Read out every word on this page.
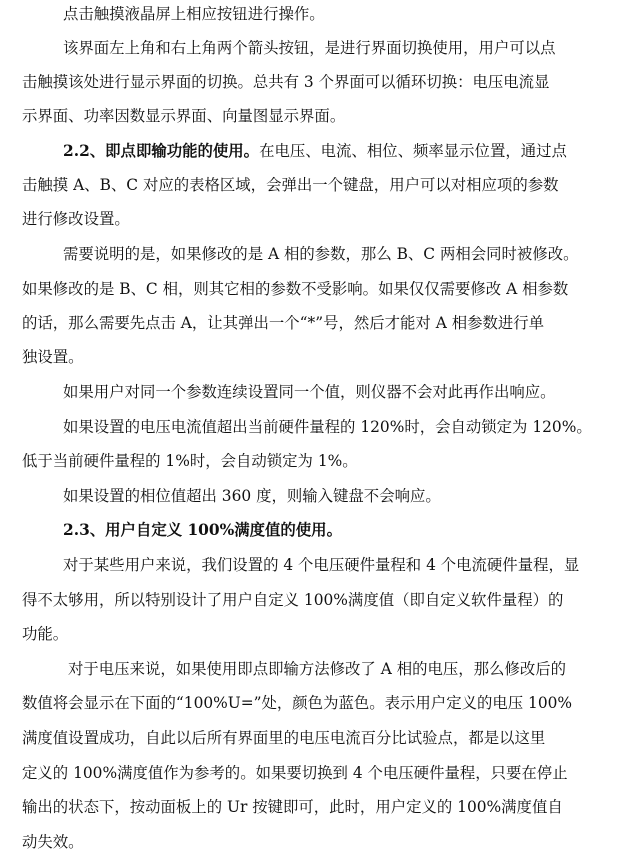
点击触摸液晶屏上相应按钮进行操作。
该界面左上角和右上角两个箭头按钮，是进行界面切换使用，用户可以点
击触摸该处进行显示界面的切换。总共有 3 个界面可以循环切换：电压电流显
示界面、功率因数显示界面、向量图显示界面。
2.2、即点即输功能的使用。在电压、电流、相位、频率显示位置，通过点
击触摸 A、B、C 对应的表格区域，会弹出一个键盘，用户可以对相应项的参数
进行修改设置。
需要说明的是，如果修改的是 A 相的参数，那么 B、C 两相会同时被修改。
如果修改的是 B、C 相，则其它相的参数不受影响。如果仅仅需要修改 A 相参数
的话，那么需要先点击 A，让其弹出一个“*”号，然后才能对 A 相参数进行单
独设置。
如果用户对同一个参数连续设置同一个值，则仪器不会对此再作出响应。
如果设置的电压电流值超出当前硬件量程的 120%时，会自动锁定为 120%。
低于当前硬件量程的 1%时，会自动锁定为 1%。
如果设置的相位值超出 360 度，则输入键盘不会响应。
2.3、用户自定义 100%满度值的使用。
对于某些用户来说，我们设置的 4 个电压硬件量程和 4 个电流硬件量程，显
得不太够用，所以特别设计了用户自定义 100%满度值（即自定义软件量程）的
功能。
对于电压来说，如果使用即点即输方法修改了 A 相的电压，那么修改后的
数值将会显示在下面的“100%U=”处，颜色为蓝色。表示用户定义的电压 100%
满度值设置成功，自此以后所有界面里的电压电流百分比试验点，都是以这里
定义的 100%满度值作为参考的。如果要切换到 4 个电压硬件量程，只要在停止
输出的状态下，按动面板上的 Ur 按键即可，此时，用户定义的 100%满度值自
动失效。
